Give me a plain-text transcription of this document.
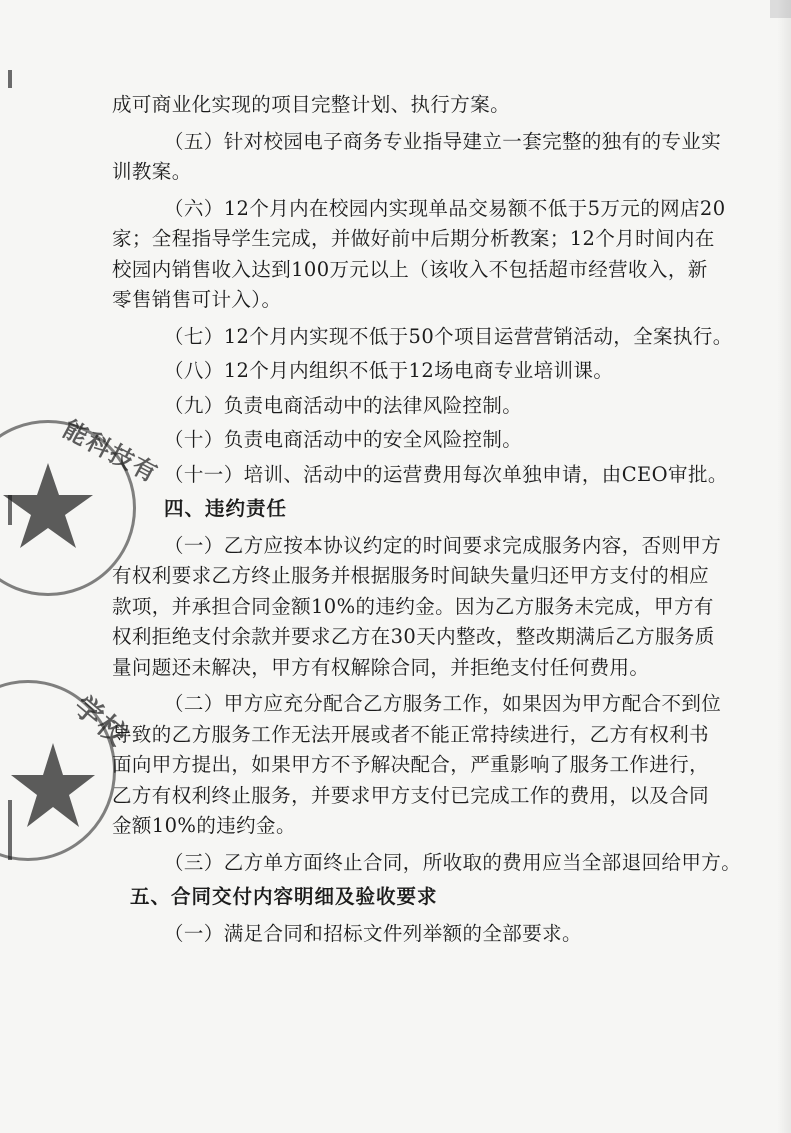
能科技有
学校
成可商业化实现的项目完整计划、执行方案。
（五）针对校园电子商务专业指导建立一套完整的独有的专业实
训教案。
（六）12个月内在校园内实现单品交易额不低于5万元的网店20
家；全程指导学生完成，并做好前中后期分析教案；12个月时间内在
校园内销售收入达到100万元以上（该收入不包括超市经营收入，新
零售销售可计入）。
（七）12个月内实现不低于50个项目运营营销活动，全案执行。
（八）12个月内组织不低于12场电商专业培训课。
（九）负责电商活动中的法律风险控制。
（十）负责电商活动中的安全风险控制。
（十一）培训、活动中的运营费用每次单独申请，由CEO审批。
四、违约责任
（一）乙方应按本协议约定的时间要求完成服务内容，否则甲方
有权利要求乙方终止服务并根据服务时间缺失量归还甲方支付的相应
款项，并承担合同金额10%的违约金。因为乙方服务未完成，甲方有
权利拒绝支付余款并要求乙方在30天内整改，整改期满后乙方服务质
量问题还未解决，甲方有权解除合同，并拒绝支付任何费用。
（二）甲方应充分配合乙方服务工作，如果因为甲方配合不到位
导致的乙方服务工作无法开展或者不能正常持续进行，乙方有权利书
面向甲方提出，如果甲方不予解决配合，严重影响了服务工作进行，
乙方有权利终止服务，并要求甲方支付已完成工作的费用，以及合同
金额10%的违约金。
（三）乙方单方面终止合同，所收取的费用应当全部退回给甲方。
五、合同交付内容明细及验收要求
（一）满足合同和招标文件列举额的全部要求。
